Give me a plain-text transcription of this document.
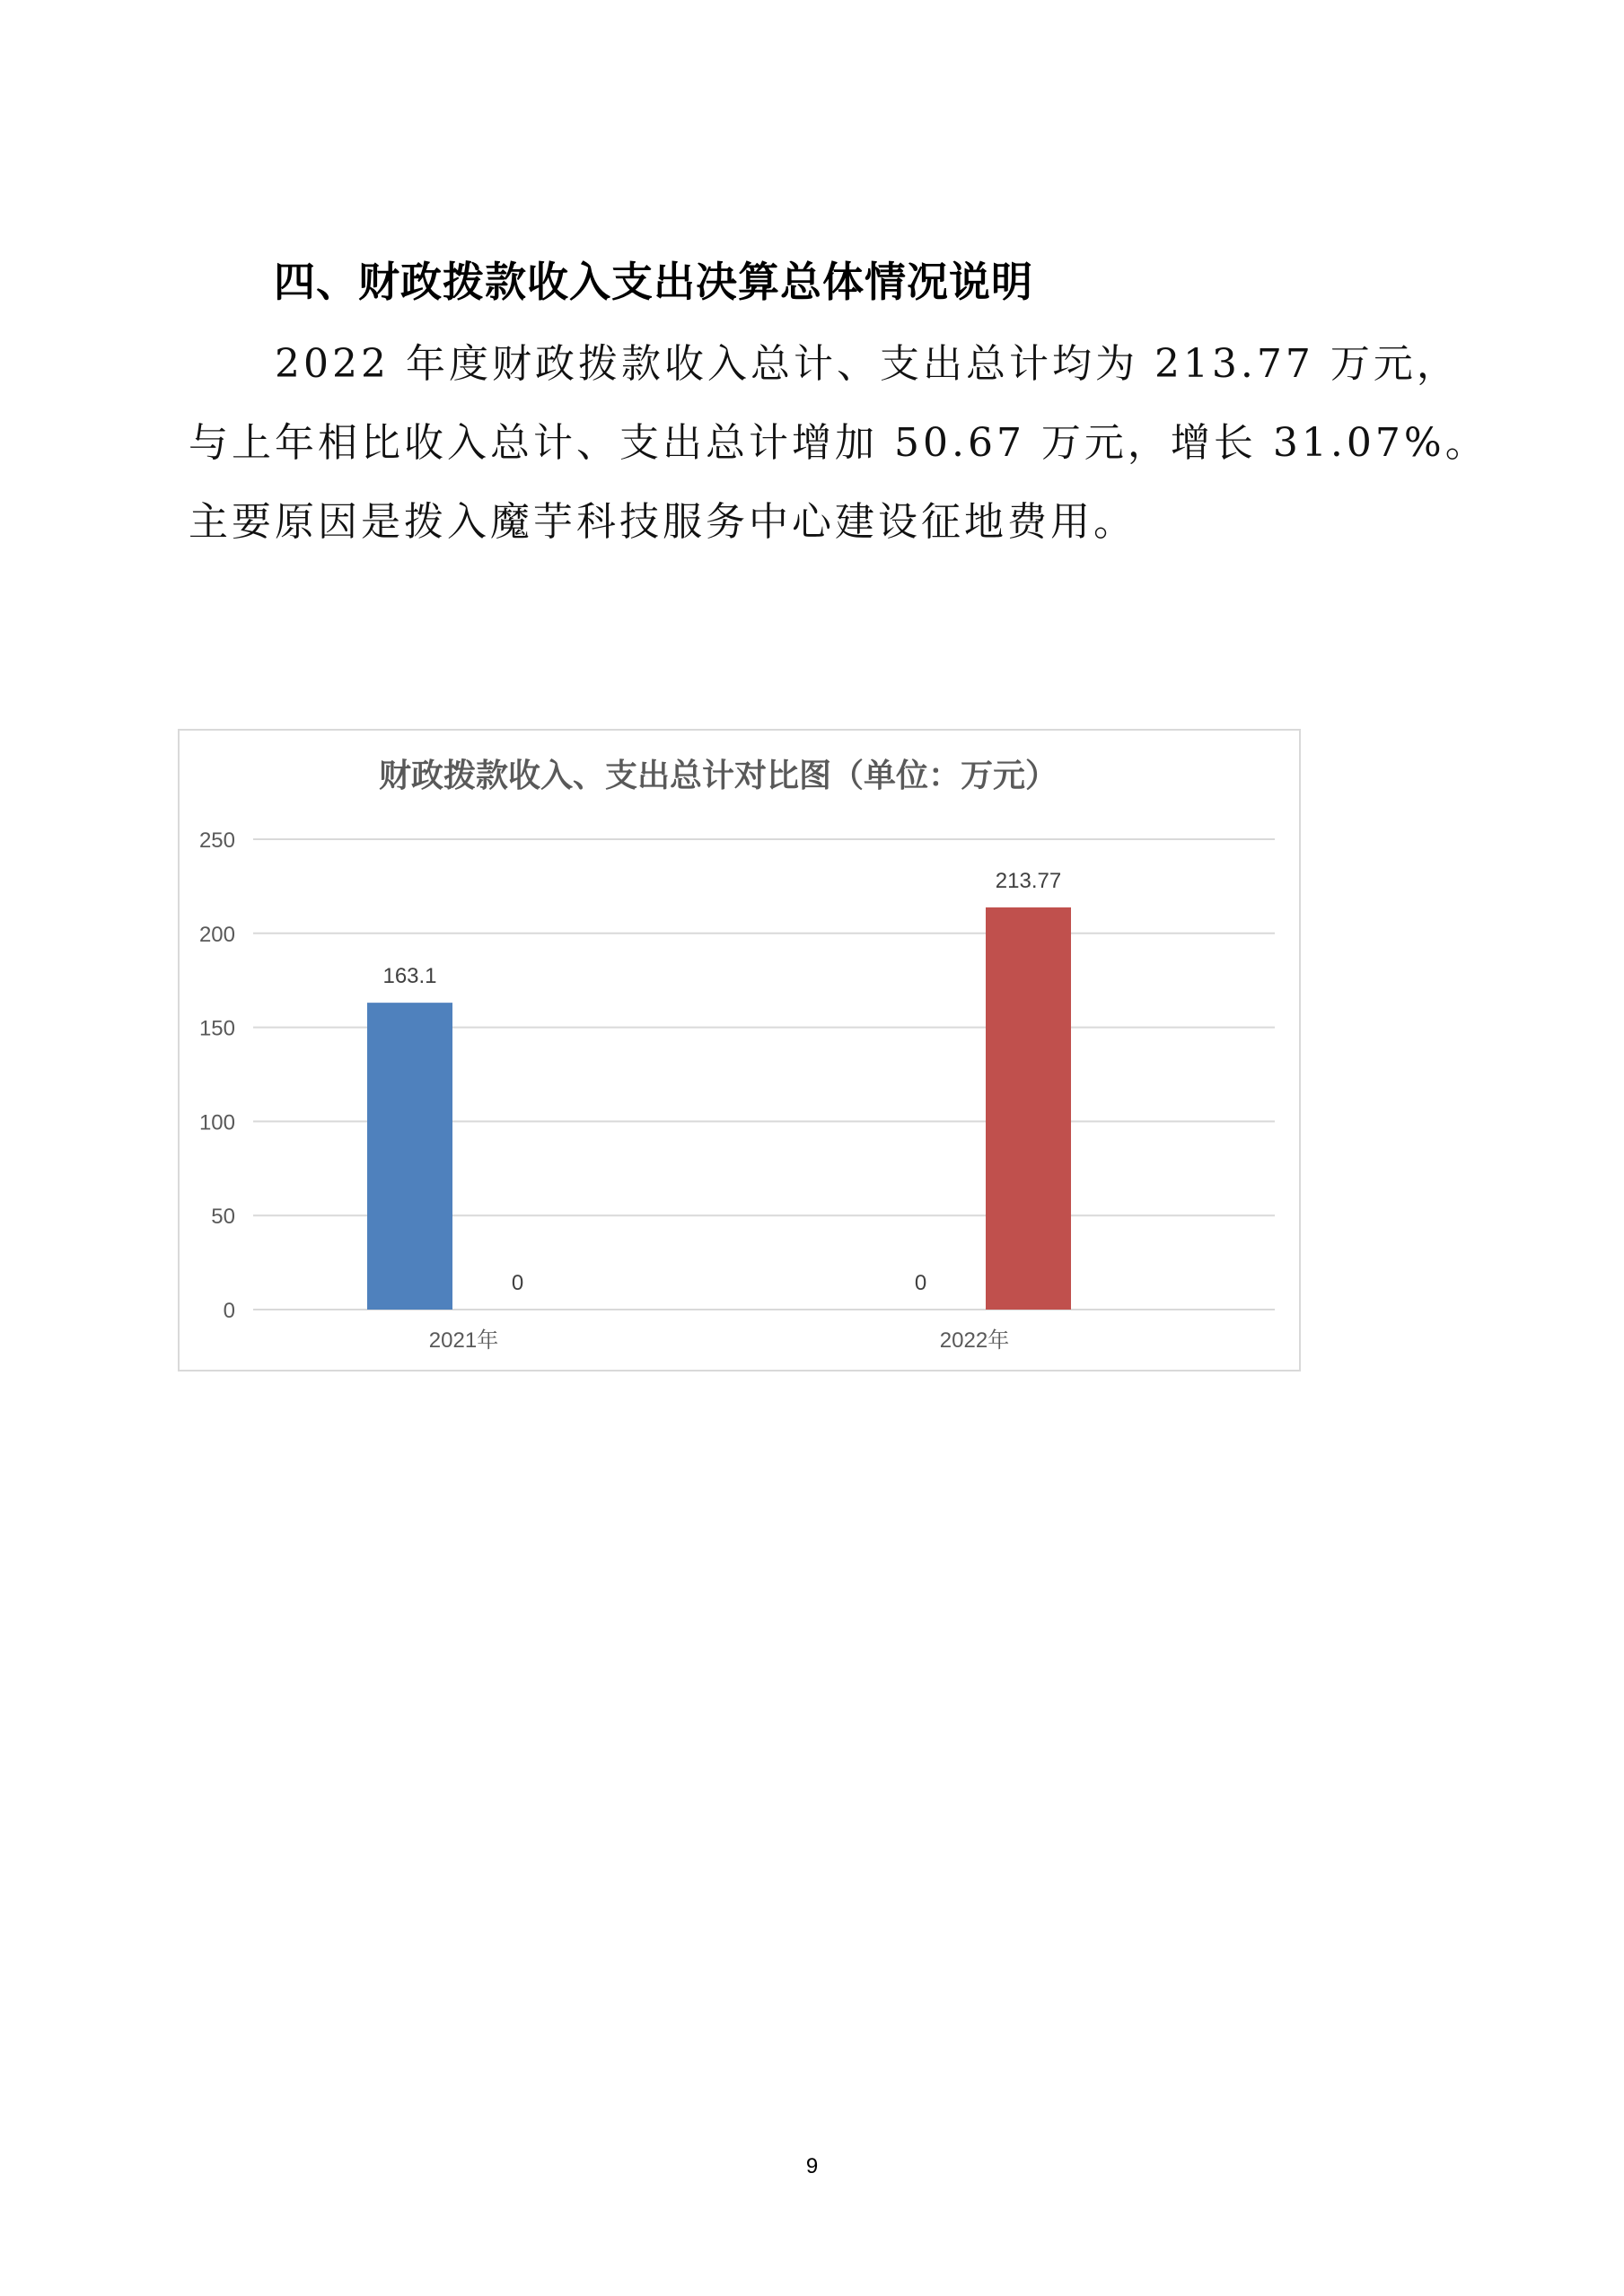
四、财政拨款收入支出决算总体情况说明
2022 年度财政拨款收入总计、支出总计均为 213.77 万元，
与上年相比收入总计、支出总计增加 50.67 万元，增长 31.07%。
主要原因是拨入魔芋科技服务中心建设征地费用。
财政拨款收入、支出总计对比图（单位：万元）
0
50
100
150
200
250
163.1
0	0
213.77
2021年	2022年
9
